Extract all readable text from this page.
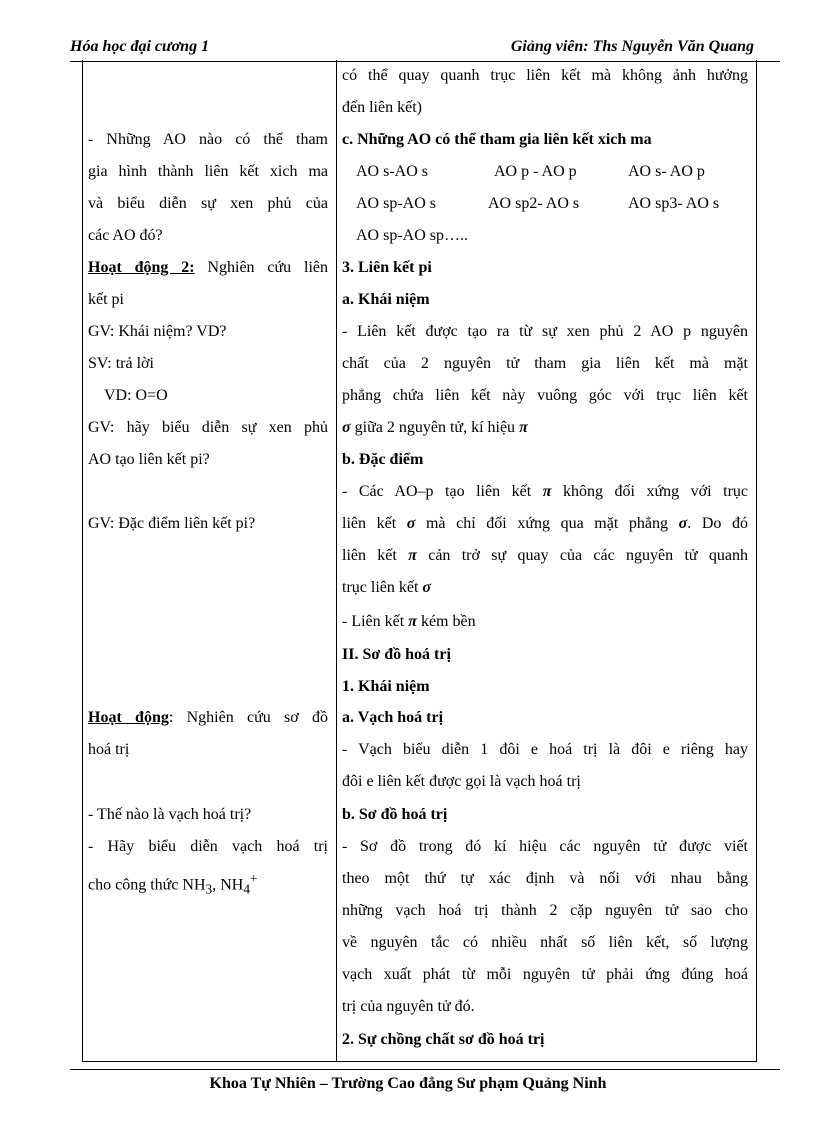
Hóa học đại cương 1	Giảng viên: Ths Nguyễn Văn Quang
- Những AO nào có thể tham
gia hình thành liên kết xich ma
và biểu diễn sự xen phủ của
các AO đó?
Hoạt động 2: Nghiên cứu liên
kết pi
GV: Khái niệm? VD?
SV: trả lời
VD: O=O
GV: hãy biểu diễn sự xen phủ
AO tạo liên kết pi?
GV: Đặc điểm liên kết pi?
Hoạt động: Nghiên cứu sơ đồ
hoá trị
- Thế nào là vạch hoá trị?
- Hãy biểu diễn vạch hoá trị
cho công thức $NH_3$, $NH_4^+$
có thể quay quanh trục liên kết mà không ảnh hưởng
đến liên kết)
c. Những AO có thể tham gia liên kết xich ma
AO s-AO s	AO p - AO p	AO s- AO p
AO sp-AO s	AO sp2- AO s	AO sp3- AO s
AO sp-AO sp…..
3. Liên kết pi
a. Khái niệm
- Liên kết được tạo ra từ sự xen phủ 2 AO p nguyên
chất của 2 nguyên tử tham gia liên kết mà mặt
phẳng chứa liên kết này vuông góc với trục liên kết
σ giữa 2 nguyên tử, kí hiệu π
b. Đặc điểm
- Các AO–p tạo liên kết π không đối xứng với trục
liên kết σ mà chỉ đối xứng qua mặt phẳng σ. Do đó
liên kết π cản trở sự quay của các nguyên tử quanh
trục liên kết σ
- Liên kết π kém bền
II. Sơ đồ hoá trị
1. Khái niệm
a. Vạch hoá trị
- Vạch biểu diễn 1 đôi e hoá trị là đôi e riêng hay
đôi e liên kết được gọi là vạch hoá trị
b. Sơ đồ hoá trị
- Sơ đồ trong đó kí hiệu các nguyên tử được viết
theo một thứ tự xác định và nối với nhau bằng
những vạch hoá trị thành 2 cặp nguyên tử sao cho
về nguyên tắc có nhiều nhất số liên kết, số lượng
vạch xuất phát từ mỗi nguyên tử phải ứng đúng hoá
trị của nguyên tử đó.
2. Sự chồng chất sơ đồ hoá trị
Khoa Tự Nhiên – Trường Cao đẳng Sư phạm Quảng Ninh
